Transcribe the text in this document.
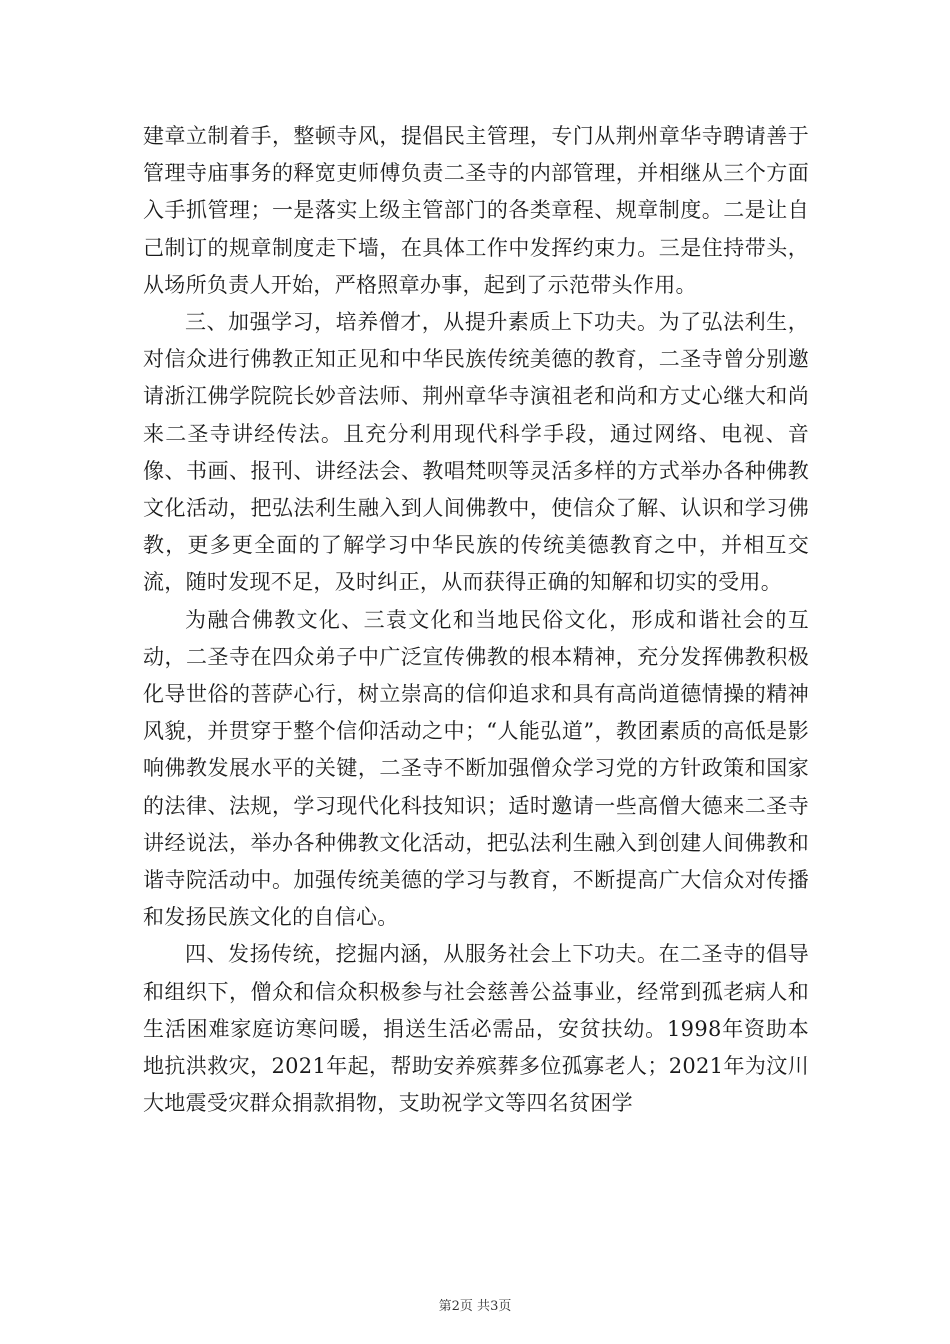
建章立制着手，整顿寺风，提倡民主管理，专门从荆州章华寺聘请善于管理寺庙事务的释宽吏师傅负责二圣寺的内部管理，并相继从三个方面入手抓管理；一是落实上级主管部门的各类章程、规章制度。二是让自己制订的规章制度走下墙，在具体工作中发挥约束力。三是住持带头，从场所负责人开始，严格照章办事，起到了示范带头作用。

三、加强学习，培养僧才，从提升素质上下功夫。为了弘法利生，对信众进行佛教正知正见和中华民族传统美德的教育，二圣寺曾分别邀请浙江佛学院院长妙音法师、荆州章华寺演祖老和尚和方丈心继大和尚来二圣寺讲经传法。且充分利用现代科学手段，通过网络、电视、音像、书画、报刊、讲经法会、教唱梵呗等灵活多样的方式举办各种佛教文化活动，把弘法利生融入到人间佛教中，使信众了解、认识和学习佛教，更多更全面的了解学习中华民族的传统美德教育之中，并相互交流，随时发现不足，及时纠正，从而获得正确的知解和切实的受用。

为融合佛教文化、三袁文化和当地民俗文化，形成和谐社会的互动，二圣寺在四众弟子中广泛宣传佛教的根本精神，充分发挥佛教积极化导世俗的菩萨心行，树立崇高的信仰追求和具有高尚道德情操的精神风貌，并贯穿于整个信仰活动之中；“人能弘道”，教团素质的高低是影响佛教发展水平的关键，二圣寺不断加强僧众学习党的方针政策和国家的法律、法规，学习现代化科技知识；适时邀请一些高僧大德来二圣寺讲经说法，举办各种佛教文化活动，把弘法利生融入到创建人间佛教和谐寺院活动中。加强传统美德的学习与教育，不断提高广大信众对传播和发扬民族文化的自信心。

四、发扬传统，挖掘内涵，从服务社会上下功夫。在二圣寺的倡导和组织下，僧众和信众积极参与社会慈善公益事业，经常到孤老病人和生活困难家庭访寒问暖，捐送生活必需品，安贫扶幼。1998年资助本地抗洪救灾，2021年起，帮助安养殡葬多位孤寡老人；2021年为汶川大地震受灾群众捐款捐物，支助祝学文等四名贫困学

第2页 共3页
